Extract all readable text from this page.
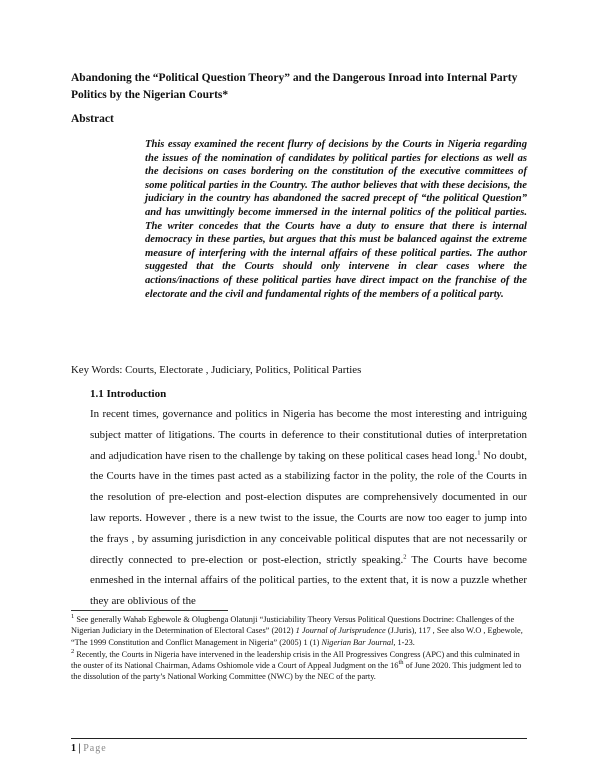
Abandoning the “Political Question Theory” and the Dangerous Inroad into Internal Party Politics by the Nigerian Courts*
Abstract
This essay examined the recent flurry of decisions by the Courts in Nigeria regarding the issues of the nomination of candidates by political parties for elections as well as the decisions on cases bordering on the constitution of the executive committees of some political parties in the Country. The author believes that with these decisions, the judiciary in the country has abandoned the sacred precept of “the political Question” and has unwittingly become immersed in the internal politics of the political parties. The writer concedes that the Courts have a duty to ensure that there is internal democracy in these parties, but argues that this must be balanced against the extreme measure of interfering with the internal affairs of these political parties. The author suggested that the Courts should only intervene in clear cases where the actions/inactions of these political parties have direct impact on the franchise of the electorate and the civil and fundamental rights of the members of a political party.
Key Words: Courts, Electorate , Judiciary, Politics, Political Parties
1.1 Introduction
In recent times, governance and politics in Nigeria has become the most interesting and intriguing subject matter of litigations. The courts in deference to their constitutional duties of interpretation and adjudication have risen to the challenge by taking on these political cases head long.$^1$ No doubt, the Courts have in the times past acted as a stabilizing factor in the polity, the role of the Courts in the resolution of pre-election and post-election disputes are comprehensively documented in our law reports. However , there is a new twist to the issue, the Courts are now too eager to jump into the frays , by assuming jurisdiction in any conceivable political disputes that are not necessarily or directly connected to pre-election or post-election, strictly speaking.$^2$ The Courts have become enmeshed in the internal affairs of the political parties, to the extent that, it is now a puzzle whether they are oblivious of the

$^1$ See generally Wahab Egbewole & Olugbenga Olatunji “Justiciability Theory Versus Political Questions Doctrine: Challenges of the Nigerian Judiciary in the Determination of Electoral Cases” (2012) 1 Journal of Jurisprudence (J.Juris), 117 , See also W.O , Egbewole, “The 1999 Constitution and Conflict Management in Nigeria” (2005) 1 (1) Nigerian Bar Journal, 1-23.

$^2$ Recently, the Courts in Nigeria have intervened in the leadership crisis in the All Progressives Congress (APC) and this culminated in the ouster of its National Chairman, Adams Oshiomole vide a Court of Appeal Judgment on the 16th of June 2020. This judgment led to the dissolution of the party’s National Working Committee (NWC) by the NEC of the party.

1 | Page
